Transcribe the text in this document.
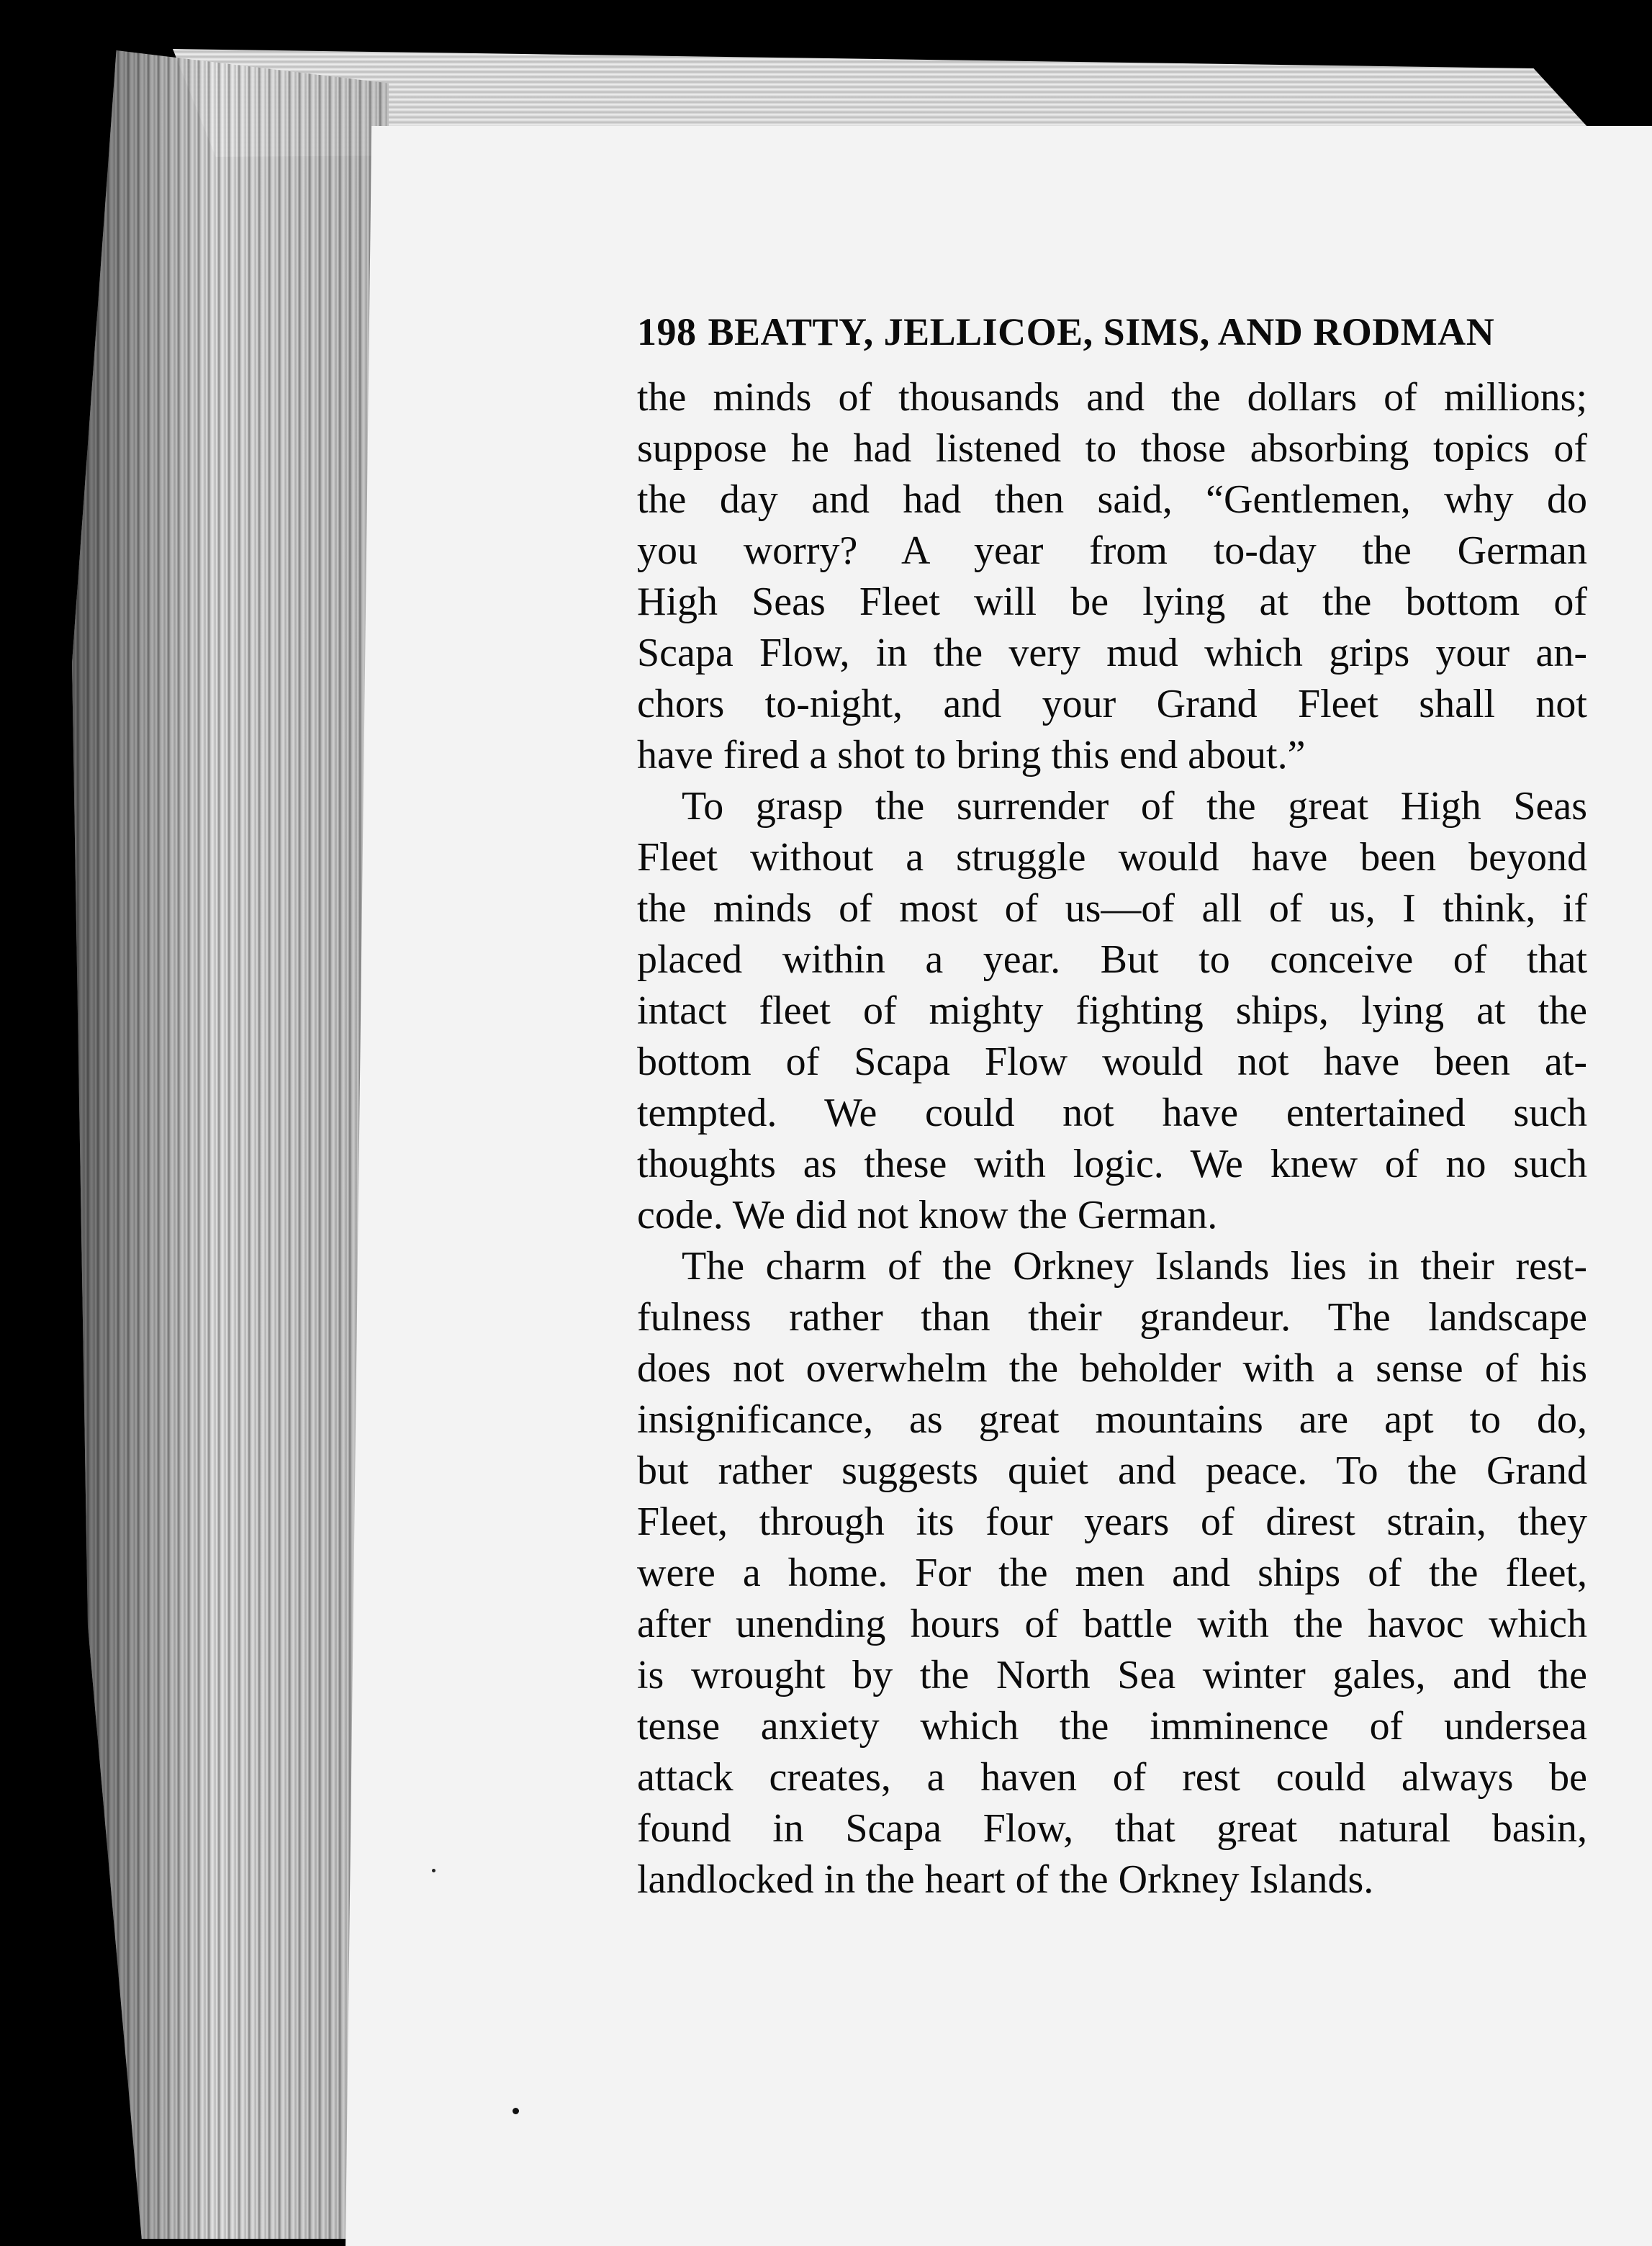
198 BEATTY, JELLICOE, SIMS, AND RODMAN
the minds of thousands and the dollars of millions;
suppose he had listened to those absorbing topics of
the day and had then said, “Gentlemen, why do
you worry? A year from to-day the German
High Seas Fleet will be lying at the bottom of
Scapa Flow, in the very mud which grips your an-
chors to-night, and your Grand Fleet shall not
have fired a shot to bring this end about.”
To grasp the surrender of the great High Seas
Fleet without a struggle would have been beyond
the minds of most of us—of all of us, I think, if
placed within a year. But to conceive of that
intact fleet of mighty fighting ships, lying at the
bottom of Scapa Flow would not have been at-
tempted. We could not have entertained such
thoughts as these with logic. We knew of no such
code. We did not know the German.
The charm of the Orkney Islands lies in their rest-
fulness rather than their grandeur. The landscape
does not overwhelm the beholder with a sense of his
insignificance, as great mountains are apt to do,
but rather suggests quiet and peace. To the Grand
Fleet, through its four years of direst strain, they
were a home. For the men and ships of the fleet,
after unending hours of battle with the havoc which
is wrought by the North Sea winter gales, and the
tense anxiety which the imminence of undersea
attack creates, a haven of rest could always be
found in Scapa Flow, that great natural basin,
landlocked in the heart of the Orkney Islands.
